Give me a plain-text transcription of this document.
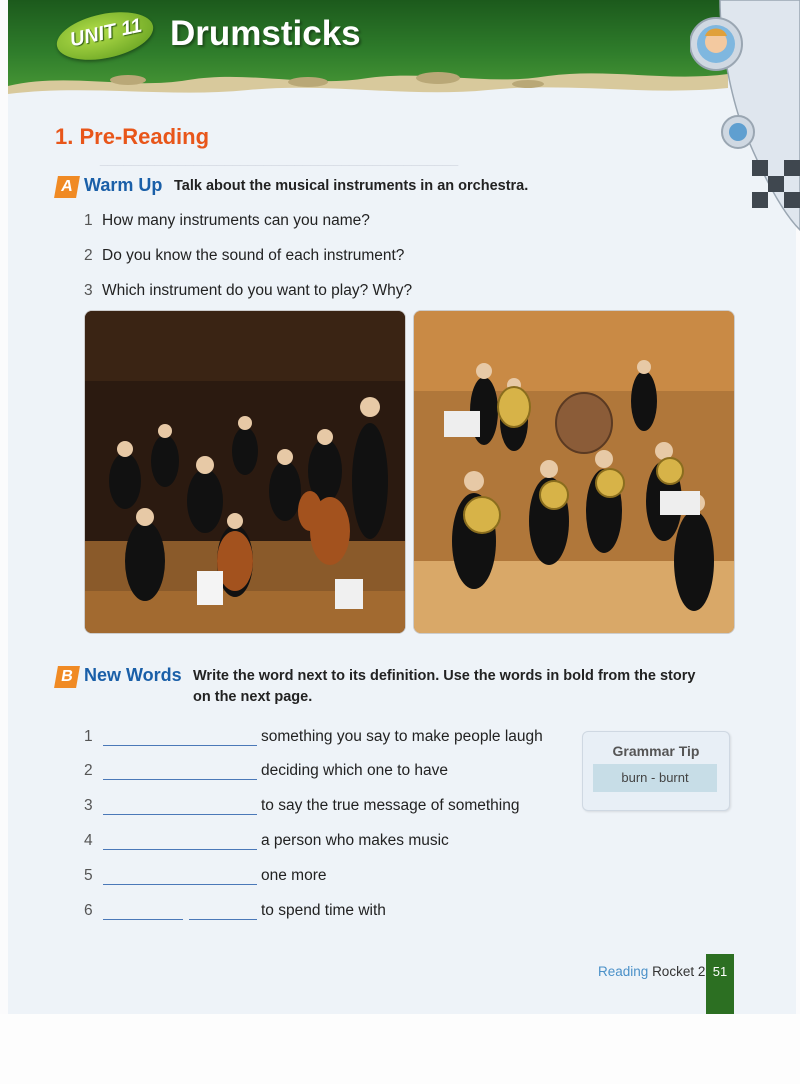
______________________________________________
UNIT 11 Drumsticks
1. Pre-Reading
A Warm Up Talk about the musical instruments in an orchestra.
1 How many instruments can you name?
2 Do you know the sound of each instrument?
3 Which instrument do you want to play? Why?
B New Words Write the word next to its definition. Use the words in bold from the story
on the next page.
1	something you say to make people laugh
2	deciding which one to have
3	to say the true message of something
4	a person who makes music
5	one more
6	to spend time with
Grammar Tip
burn - burnt
Reading Rocket 2 51
